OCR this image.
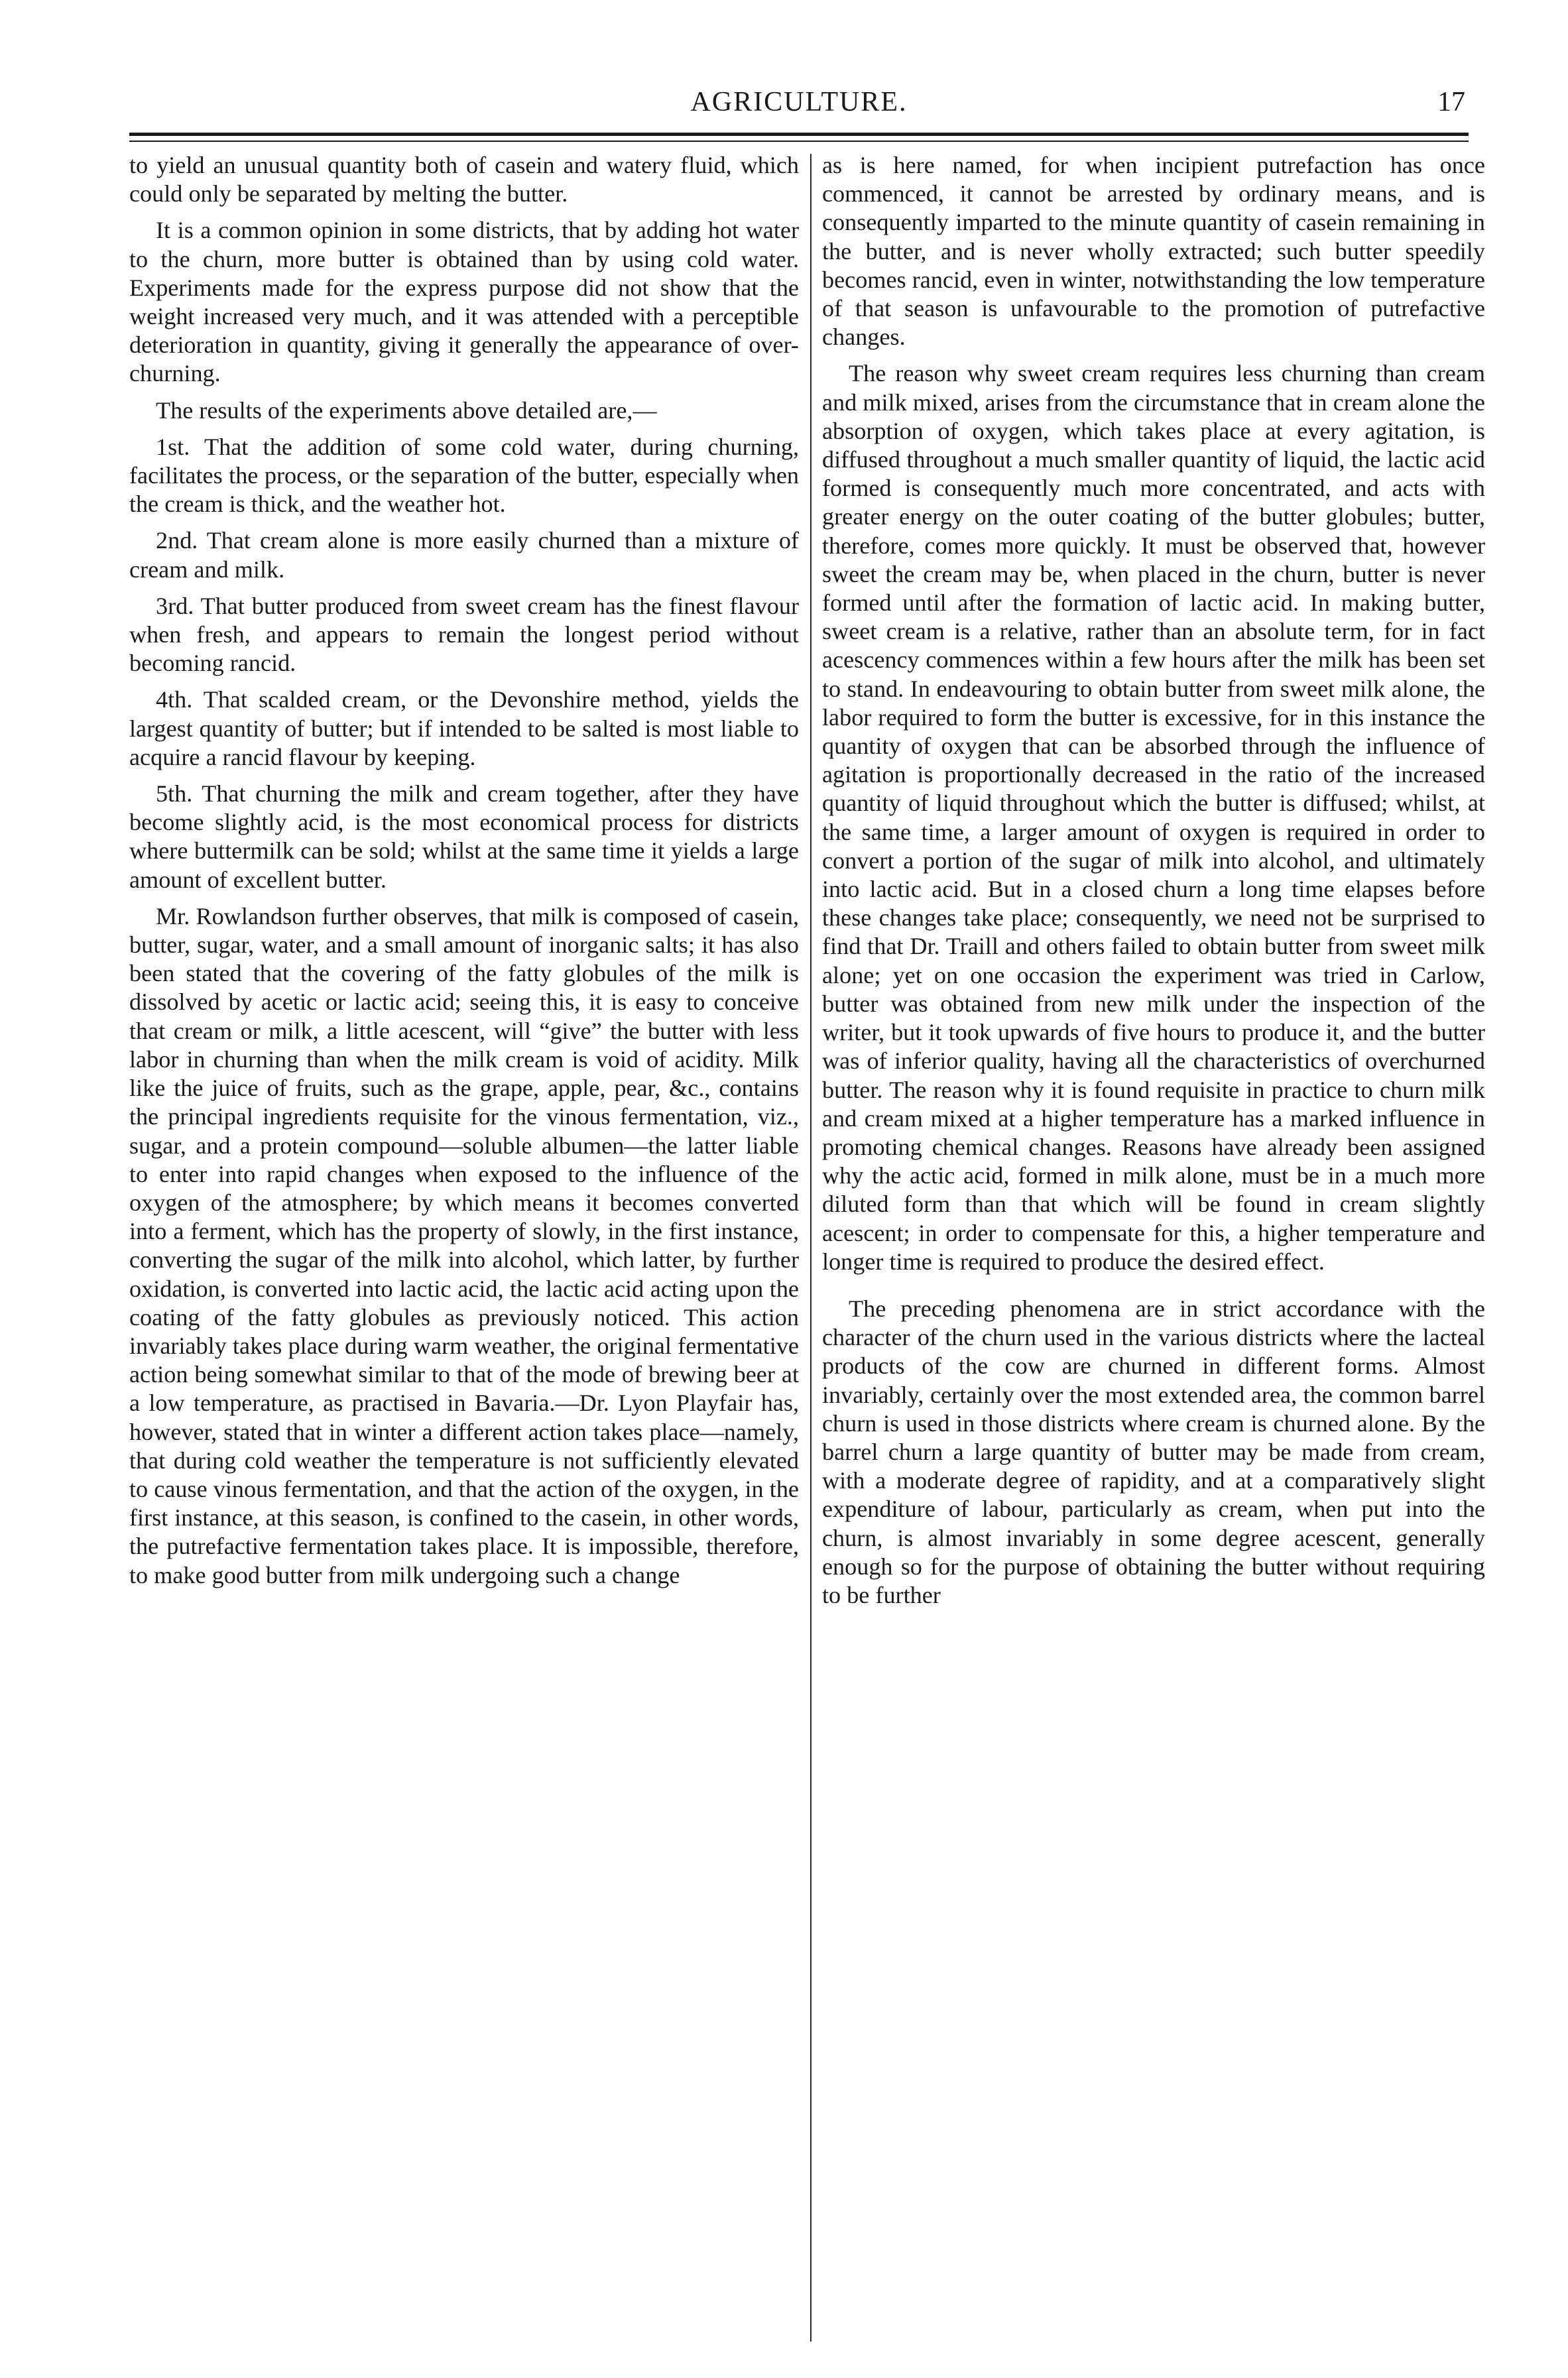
AGRICULTURE.	17

to yield an unusual quantity both of casein and watery fluid, which could only be separated by melting the butter.

It is a common opinion in some districts, that by adding hot water to the churn, more butter is obtained than by using cold water. Experiments made for the express purpose did not show that the weight increased very much, and it was attended with a perceptible deterioration in quantity, giving it generally the appearance of over-churning.

The results of the experiments above detailed are,—

1st. That the addition of some cold water, during churning, facilitates the process, or the separation of the butter, especially when the cream is thick, and the weather hot.

2nd. That cream alone is more easily churned than a mixture of cream and milk.

3rd. That butter produced from sweet cream has the finest flavour when fresh, and appears to remain the longest period without becoming rancid.

4th. That scalded cream, or the Devonshire method, yields the largest quantity of butter; but if intended to be salted is most liable to acquire a rancid flavour by keeping.

5th. That churning the milk and cream together, after they have become slightly acid, is the most economical process for districts where buttermilk can be sold; whilst at the same time it yields a large amount of excellent butter.

Mr. Rowlandson further observes, that milk is composed of casein, butter, sugar, water, and a small amount of inorganic salts; it has also been stated that the covering of the fatty globules of the milk is dissolved by acetic or lactic acid; seeing this, it is easy to conceive that cream or milk, a little acescent, will “give” the butter with less labor in churning than when the milk cream is void of acidity. Milk like the juice of fruits, such as the grape, apple, pear, &c., contains the principal ingredients requisite for the vinous fermentation, viz., sugar, and a protein compound—soluble albumen—the latter liable to enter into rapid changes when exposed to the influence of the oxygen of the atmosphere; by which means it becomes converted into a ferment, which has the property of slowly, in the first instance, converting the sugar of the milk into alcohol, which latter, by further oxidation, is converted into lactic acid, the lactic acid acting upon the coating of the fatty globules as previously noticed. This action invariably takes place during warm weather, the original fermentative action being somewhat similar to that of the mode of brewing beer at a low temperature, as practised in Bavaria.—Dr. Lyon Playfair has, however, stated that in winter a different action takes place—namely, that during cold weather the temperature is not sufficiently elevated to cause vinous fermentation, and that the action of the oxygen, in the first instance, at this season, is confined to the casein, in other words, the putrefactive fermentation takes place. It is impossible, therefore, to make good butter from milk undergoing such a change

as is here named, for when incipient putrefaction has once commenced, it cannot be arrested by ordinary means, and is consequently imparted to the minute quantity of casein remaining in the butter, and is never wholly extracted; such butter speedily becomes rancid, even in winter, notwithstanding the low temperature of that season is unfavourable to the promotion of putrefactive changes.

The reason why sweet cream requires less churning than cream and milk mixed, arises from the circumstance that in cream alone the absorption of oxygen, which takes place at every agitation, is diffused throughout a much smaller quantity of liquid, the lactic acid formed is consequently much more concentrated, and acts with greater energy on the outer coating of the butter globules; butter, therefore, comes more quickly. It must be observed that, however sweet the cream may be, when placed in the churn, butter is never formed until after the formation of lactic acid. In making butter, sweet cream is a relative, rather than an absolute term, for in fact acescency commences within a few hours after the milk has been set to stand. In endeavouring to obtain butter from sweet milk alone, the labor required to form the butter is excessive, for in this instance the quantity of oxygen that can be absorbed through the influence of agitation is proportionally decreased in the ratio of the increased quantity of liquid throughout which the butter is diffused; whilst, at the same time, a larger amount of oxygen is required in order to convert a portion of the sugar of milk into alcohol, and ultimately into lactic acid. But in a closed churn a long time elapses before these changes take place; consequently, we need not be surprised to find that Dr. Traill and others failed to obtain butter from sweet milk alone; yet on one occasion the experiment was tried in Carlow, butter was obtained from new milk under the inspection of the writer, but it took upwards of five hours to produce it, and the butter was of inferior quality, having all the characteristics of overchurned butter. The reason why it is found requisite in practice to churn milk and cream mixed at a higher temperature has a marked influence in promoting chemical changes. Reasons have already been assigned why the actic acid, formed in milk alone, must be in a much more diluted form than that which will be found in cream slightly acescent; in order to compensate for this, a higher temperature and longer time is required to produce the desired effect.

The preceding phenomena are in strict accordance with the character of the churn used in the various districts where the lacteal products of the cow are churned in different forms. Almost invariably, certainly over the most extended area, the common barrel churn is used in those districts where cream is churned alone. By the barrel churn a large quantity of butter may be made from cream, with a moderate degree of rapidity, and at a comparatively slight expenditure of labour, particularly as cream, when put into the churn, is almost invariably in some degree acescent, generally enough so for the purpose of obtaining the butter without requiring to be further
